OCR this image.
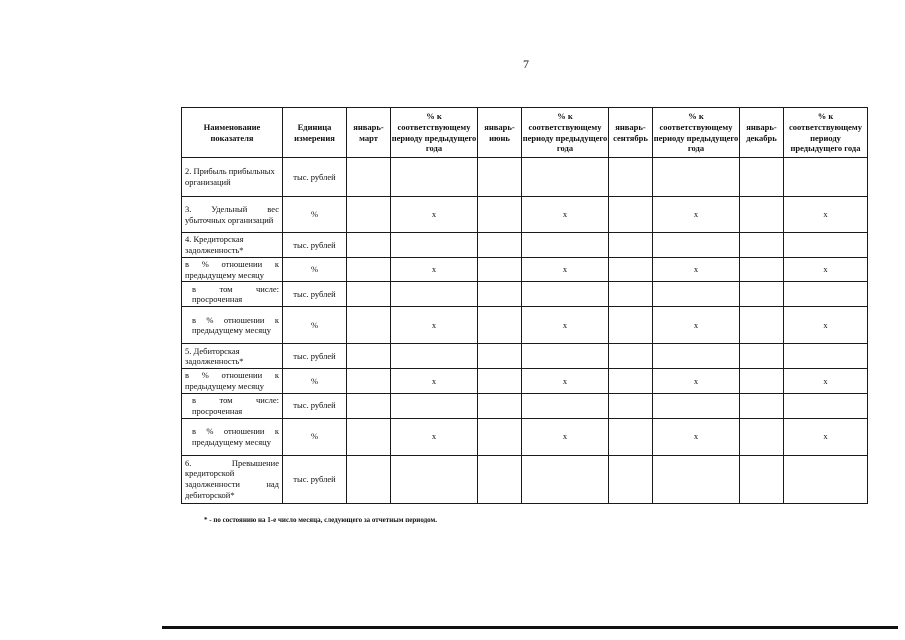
7
Наименование показателя	Единица измерения	январь-март	% к соответствующему периоду предыдущего года	январь-июнь	% к соответствующему периоду предыдущего года	январь-сентябрь	% к соответствующему периоду предыдущего года	январь-декабрь	% к соответствующему периоду предыдущего года
2. Прибыль прибыльных организаций	тыс. рублей								
3. Удельный вес убыточных организаций	%		х		х		х		х
4. Кредиторская задолженность*	тыс. рублей								
в % отношении к предыдущему месяцу	%		х		х		х		х
в том числе: просроченная	тыс. рублей								
в % отношении к предыдущему месяцу	%		х		х		х		х
5. Дебиторская задолженность*	тыс. рублей								
в % отношении к предыдущему месяцу	%		х		х		х		х
в том числе: просроченная	тыс. рублей								
в % отношении к предыдущему месяцу	%		х		х		х		х
6. Превышение кредиторской задолженности над дебиторской*	тыс. рублей								
* - по состоянию на 1-е число месяца, следующего за отчетным периодом.
